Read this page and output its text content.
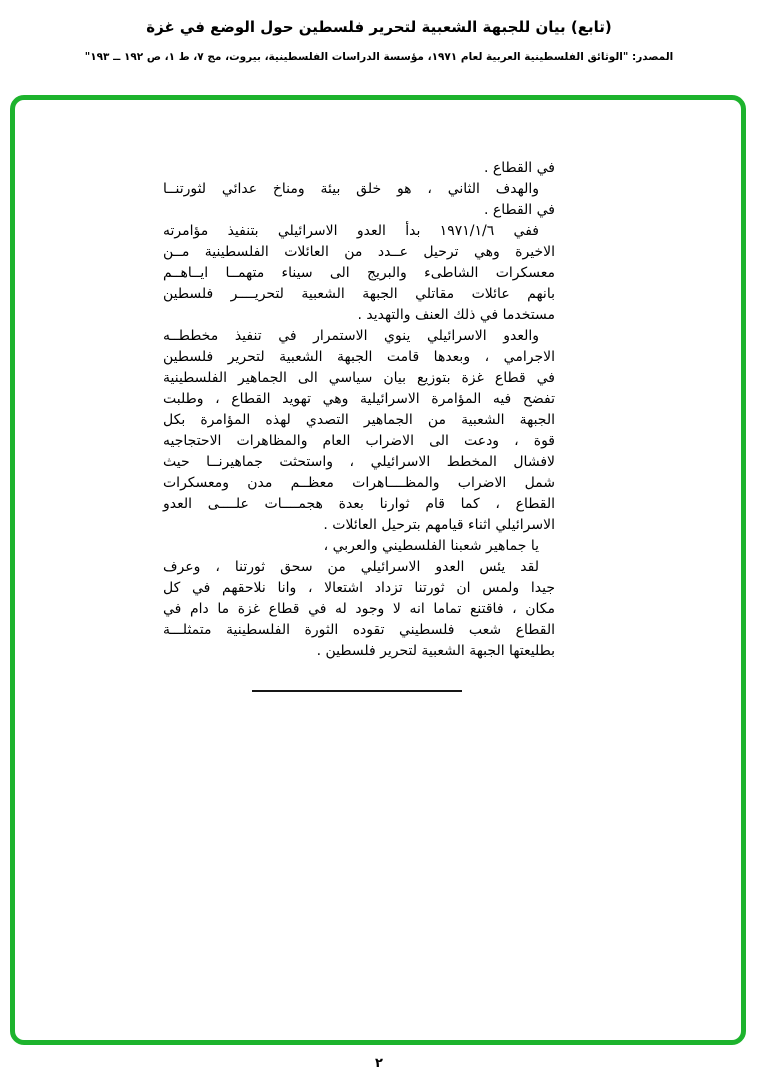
(تابع) بيان للجبهة الشعبية لتحرير فلسطين حول الوضع في غزة
المصدر: "الوثائق الفلسطينية العربية لعام ١٩٧١، مؤسسة الدراسات الفلسطينية، بيروت، مج ٧، ط ١، ص ١٩٢ ــ ١٩٣"
في القطاع .
والهدف الثاني ، هو خلق بيئة ومناخ عدائي لثورتنــا
في القطاع .
ففي ١٩٧١/١/٦ بدأ العدو الاسرائيلي بتنفيذ مؤامرته
الاخيرة وهي ترحيل عــدد من العائلات الفلسطينية مــن
معسكرات الشاطىء والبريج الى سيناء متهمــا ايــاهــم
بانهم عائلات مقاتلي الجبهة الشعبية لتحريــــر فلسطين
مستخدما في ذلك العنف والتهديد .
والعدو الاسرائيلي ينوي الاستمرار في تنفيذ مخططــه
الاجرامي ، وبعدها قامت الجبهة الشعبية لتحرير فلسطين
في قطاع غزة بتوزيع بيان سياسي الى الجماهير الفلسطينية
تفضح فيه المؤامرة الاسرائيلية وهي تهويد القطاع ، وطلبت
الجبهة الشعبية من الجماهير التصدي لهذه المؤامرة بكل
قوة ، ودعت الى الاضراب العام والمظاهرات الاحتجاجيه
لافشال المخطط الاسرائيلي ، واستحثت جماهيرنــا حيث
شمل الاضراب والمظــــاهرات معظــم مدن ومعسكرات
القطاع ، كما قام ثوارنا بعدة هجمــــات علــــى العدو
الاسرائيلي اثناء قيامهم بترحيل العائلات .
يا جماهير شعبنا الفلسطيني والعربي ،
لقد يئس العدو الاسرائيلي من سحق ثورتنا ، وعرف
جيدا ولمس ان ثورتنا تزداد اشتعالا ، وانا نلاحقهم في كل
مكان ، فاقتنع تماما انه لا وجود له في قطاع غزة ما دام في
القطاع شعب فلسطيني تقوده الثورة الفلسطينية متمثلـــة
بطليعتها الجبهة الشعبية لتحرير فلسطين .
٢
